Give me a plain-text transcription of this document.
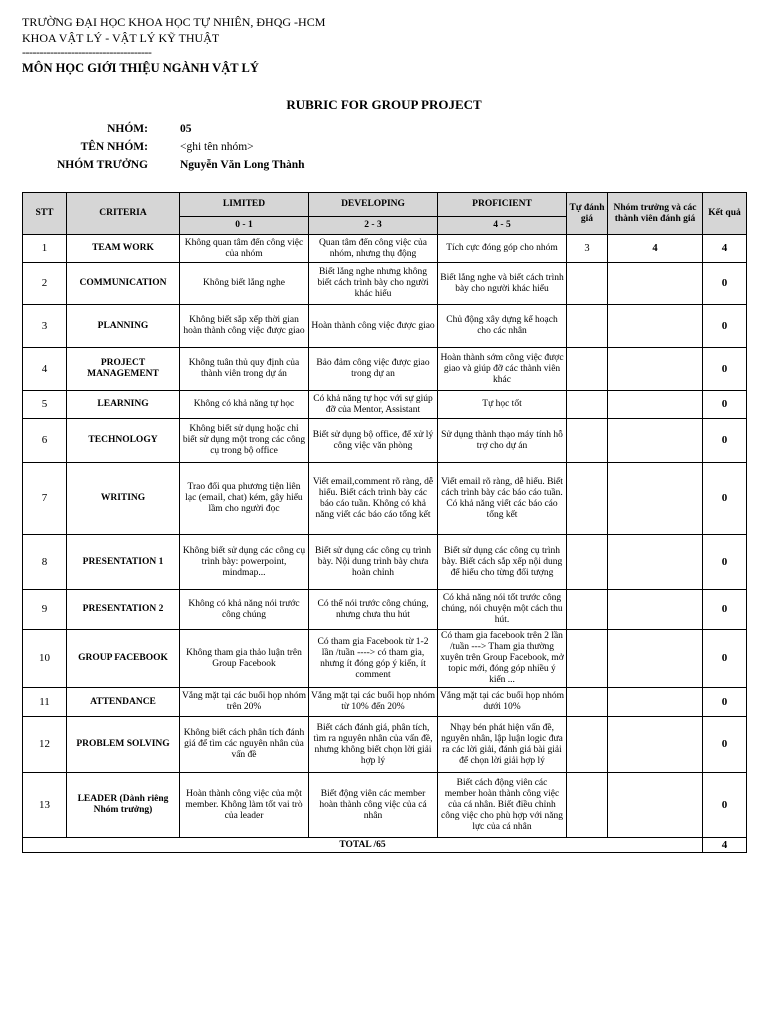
TRƯỜNG ĐẠI HỌC KHOA HỌC TỰ NHIÊN, ĐHQG -HCM
KHOA VẬT LÝ - VẬT LÝ KỸ THUẬT
-------------------------------------
MÔN HỌC GIỚI THIỆU NGÀNH VẬT LÝ
RUBRIC FOR GROUP PROJECT
NHÓM:	05
TÊN NHÓM:	<ghi tên nhóm>
NHÓM TRƯỞNG	Nguyễn Văn Long Thành
STT	CRITERIA	LIMITED	DEVELOPING	PROFICIENT	Tự đánh giá	Nhóm trưởng và các thành viên đánh giá	Kết quả
		0 - 1	2 - 3	4 - 5			
1	TEAM WORK	Không quan tâm đến công việc của nhóm	Quan tâm đến công việc của nhóm, nhưng thụ động	Tích cực đóng góp cho nhóm	3	4	4
2	COMMUNICATION	Không biết lắng nghe	Biết lắng nghe nhưng không biết cách trình bày cho người khác hiểu	Biết lắng nghe và biết cách trình bày cho người khác hiểu			0
3	PLANNING	Không biết sắp xếp thời gian hoàn thành công việc được giao	Hoàn thành công việc được giao	Chủ động xây dựng kế hoạch cho các nhân			0
4	PROJECT MANAGEMENT	Không tuân thủ quy định của thành viên trong dự án	Bảo đảm công việc được giao trong dự an	Hoàn thành sớm công việc được giao và giúp đỡ các thành viên khác			0
5	LEARNING	Không có khả năng tự học	Có khả năng tự học với sự giúp đỡ của Mentor, Assistant	Tự học tốt			0
6	TECHNOLOGY	Không biết sử dụng hoặc chỉ biết sử dụng một trong các công cụ trong bộ office	Biết sử dụng bộ office, để xử lý công việc văn phòng	Sử dụng thành thạo máy tính hỗ trợ cho dự án			0
7	WRITING	Trao đổi qua phương tiện liên lạc (email, chat) kém, gây hiểu lầm cho người đọc	Viết email,comment rõ ràng, dễ hiểu. Biết cách trình bày các báo cáo tuần. Không có khả năng viết các báo cáo tổng kết	Viết email rõ ràng, dễ hiểu. Biết cách trình bày các báo cáo tuần. Có khả năng viết các báo cáo tổng kết			0
8	PRESENTATION 1	Không biết sử dụng các công cụ trình bày: powerpoint, mindmap...	Biết sử dụng các công cụ trình bày. Nội dung trình bày chưa hoàn chỉnh	Biết sử dụng các công cụ trình bày. Biết cách sắp xếp nội dung để hiểu cho từng đối tượng			0
9	PRESENTATION 2	Không có khả năng nói trước công chúng	Có thể nói trước công chúng, nhưng chưa thu hút	Có khả năng nói tốt trước công chúng, nói chuyện một cách thu hút.			0
10	GROUP FACEBOOK	Không tham gia thảo luận trên Group Facebook	Có tham gia Facebook từ 1-2 lần /tuần ----> có tham gia, nhưng ít đóng góp ý kiến, ít comment	Có tham gia facebook trên 2 lần /tuần ---> Tham gia thường xuyên trên Group Facebook, mở topic mới, đóng góp nhiều ý kiến ...			0
11	ATTENDANCE	Vắng mặt tại các buổi họp nhóm trên 20%	Vắng mặt tại các buổi họp nhóm từ 10% đến 20%	Vắng mặt tại các buổi họp nhóm dưới 10%			0
12	PROBLEM SOLVING	Không biết cách phân tích đánh giá để tìm các nguyên nhân của vấn đề	Biết cách đánh giá, phân tích, tìm ra nguyên nhân của vấn đề, nhưng không biết chọn lời giải hợp lý	Nhạy bén phát hiện vấn đề, nguyên nhân, lập luận logic đưa ra các lời giải, đánh giá bài giải để chọn lời giải hợp lý			0
13	LEADER (Dành riêng Nhóm trưởng)	Hoàn thành công việc của một member. Không làm tốt vai trò của leader	Biết động viên các member hoàn thành công việc của cá nhân	Biết cách động viên các member hoàn thành công việc của cá nhân. Biết điều chỉnh công việc cho phù hợp với năng lực của cá nhân			0
TOTAL /65							4
